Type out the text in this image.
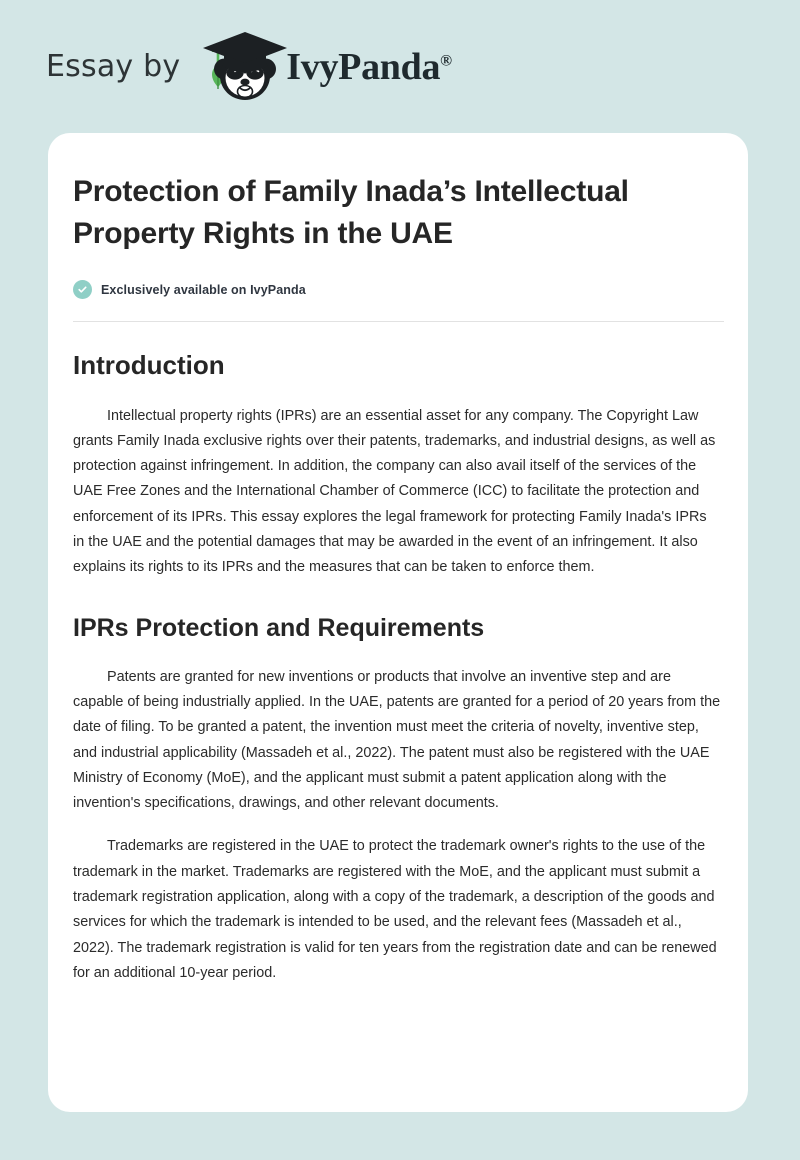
Essay by	IvyPanda®
Protection of Family Inada’s Intellectual Property Rights in the UAE
Exclusively available on IvyPanda
Introduction

Intellectual property rights (IPRs) are an essential asset for any company. The Copyright Law grants Family Inada exclusive rights over their patents, trademarks, and industrial designs, as well as protection against infringement. In addition, the company can also avail itself of the services of the UAE Free Zones and the International Chamber of Commerce (ICC) to facilitate the protection and enforcement of its IPRs. This essay explores the legal framework for protecting Family Inada's IPRs in the UAE and the potential damages that may be awarded in the event of an infringement. It also explains its rights to its IPRs and the measures that can be taken to enforce them.

IPRs Protection and Requirements

Patents are granted for new inventions or products that involve an inventive step and are capable of being industrially applied. In the UAE, patents are granted for a period of 20 years from the date of filing. To be granted a patent, the invention must meet the criteria of novelty, inventive step, and industrial applicability (Massadeh et al., 2022). The patent must also be registered with the UAE Ministry of Economy (MoE), and the applicant must submit a patent application along with the invention's specifications, drawings, and other relevant documents.

Trademarks are registered in the UAE to protect the trademark owner's rights to the use of the trademark in the market. Trademarks are registered with the MoE, and the applicant must submit a trademark registration application, along with a copy of the trademark, a description of the goods and services for which the trademark is intended to be used, and the relevant fees (Massadeh et al., 2022). The trademark registration is valid for ten years from the registration date and can be renewed for an additional 10-year period.
